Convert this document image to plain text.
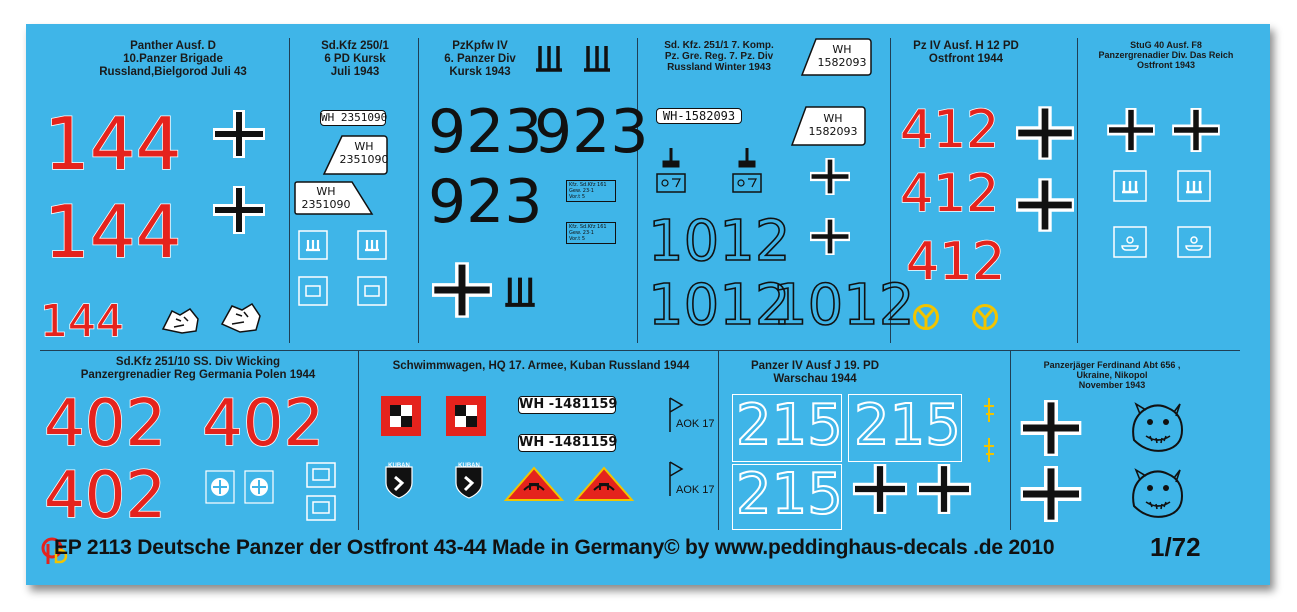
Panther Ausf. D
10.Panzer Brigade
Russland,Bielgorod Juli 43
144
144
144
Sd.Kfz 250/1
6 PD Kursk
Juli 1943
WH 2351090
WH
2351090
WH
2351090
PzKpfw IV
6. Panzer Div
Kursk 1943
923
923
923	Kfz. Sd.Kfz 161
Gew. 23·1
Vor.t 5
Kfz. Sd.Kfz 161
Gew. 23·1
Vor.t 5
Sd. Kfz. 251/1 7. Komp.
Pz. Gre. Reg. 7. Pz. Div
Russland Winter 1943
WH
1582093
WH-1582093	WH
1582093
1012
1012
1012
Pz IV Ausf. H 12 PD
Ostfront 1944
412
412
412
StuG 40 Ausf. F8
Panzergrenadier Div. Das Reich
Ostfront 1943
Sd.Kfz 251/10 SS. Div Wicking
Panzergrenadier Reg Germania Polen 1944
402 402
402
Schwimmwagen, HQ 17. Armee, Kuban Russland 1944
WH -1481159
WH -1481159
KUBAN	KUBAN
AOK 17
AOK 17
Panzer IV Ausf J 19. PD
Warschau 1944
215 215
215
Panzerjäger Ferdinand Abt 656 ,
Ukraine, Nikopol
November 1943
EP 2113 Deutsche Panzer der Ostfront 43-44 Made in Germany© by www.peddinghaus-decals .de 2010	1/72
